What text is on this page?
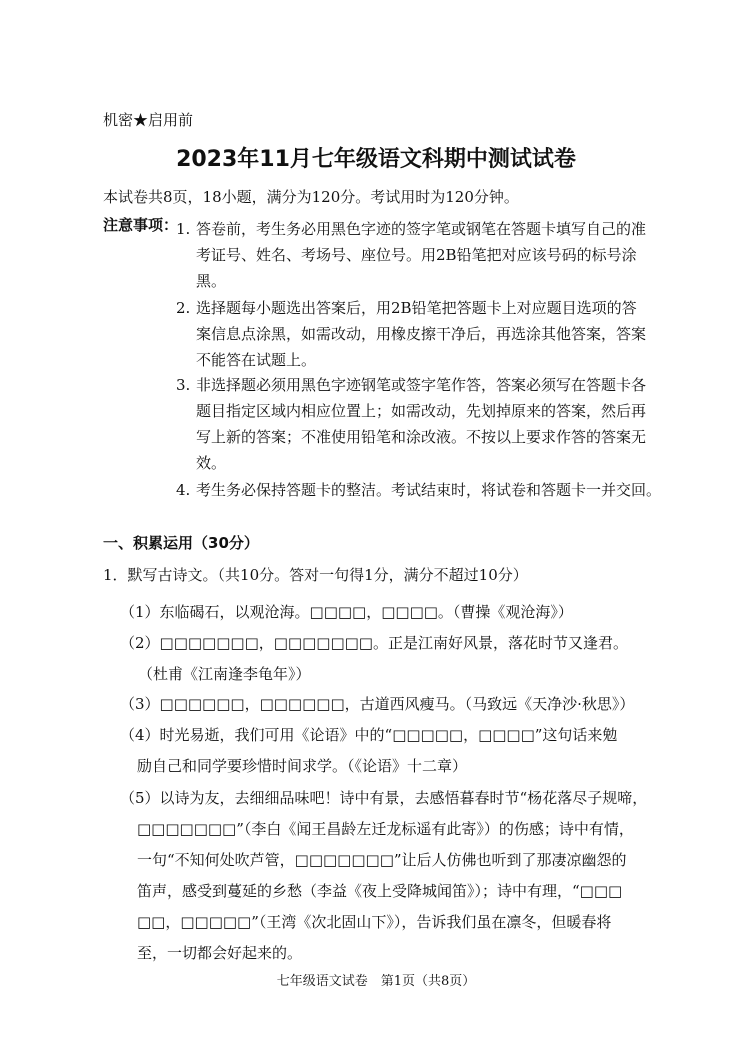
机密★启用前
2023年11月七年级语文科期中测试试卷
本试卷共8页，18小题，满分为120分。考试用时为120分钟。
注意事项：
1. 答卷前，考生务必用黑色字迹的签字笔或钢笔在答题卡填写自己的准
考证号、姓名、考场号、座位号。用2B铅笔把对应该号码的标号涂
黑。
2. 选择题每小题选出答案后，用2B铅笔把答题卡上对应题目选项的答
案信息点涂黑，如需改动，用橡皮擦干净后，再选涂其他答案，答案
不能答在试题上。
3. 非选择题必须用黑色字迹钢笔或签字笔作答，答案必须写在答题卡各
题目指定区域内相应位置上；如需改动，先划掉原来的答案，然后再
写上新的答案；不准使用铅笔和涂改液。不按以上要求作答的答案无
效。
4. 考生务必保持答题卡的整洁。考试结束时，将试卷和答题卡一并交回。
一、积累运用（30分）
1．默写古诗文。（共10分。答对一句得1分，满分不超过10分）
（1）东临碣石，以观沧海。□□□□，□□□□。（曹操《观沧海》）
（2）□□□□□□□，□□□□□□□。正是江南好风景，落花时节又逢君。
（杜甫《江南逢李龟年》）
（3）□□□□□□，□□□□□□，古道西风瘦马。（马致远《天净沙·秋思》）
（4）时光易逝，我们可用《论语》中的“□□□□□，□□□□”这句话来勉
励自己和同学要珍惜时间求学。（《论语》十二章）
（5）以诗为友，去细细品味吧！诗中有景，去感悟暮春时节“杨花落尽子规啼，
□□□□□□□”（李白《闻王昌龄左迁龙标遥有此寄》）的伤感；诗中有情，
一句“不知何处吹芦管，□□□□□□□”让后人仿佛也听到了那凄凉幽怨的
笛声，感受到蔓延的乡愁（李益《夜上受降城闻笛》）；诗中有理，“□□□
□□，□□□□□”（王湾《次北固山下》），告诉我们虽在凛冬，但暖春将
至，一切都会好起来的。
七年级语文试卷　第1页（共8页）
